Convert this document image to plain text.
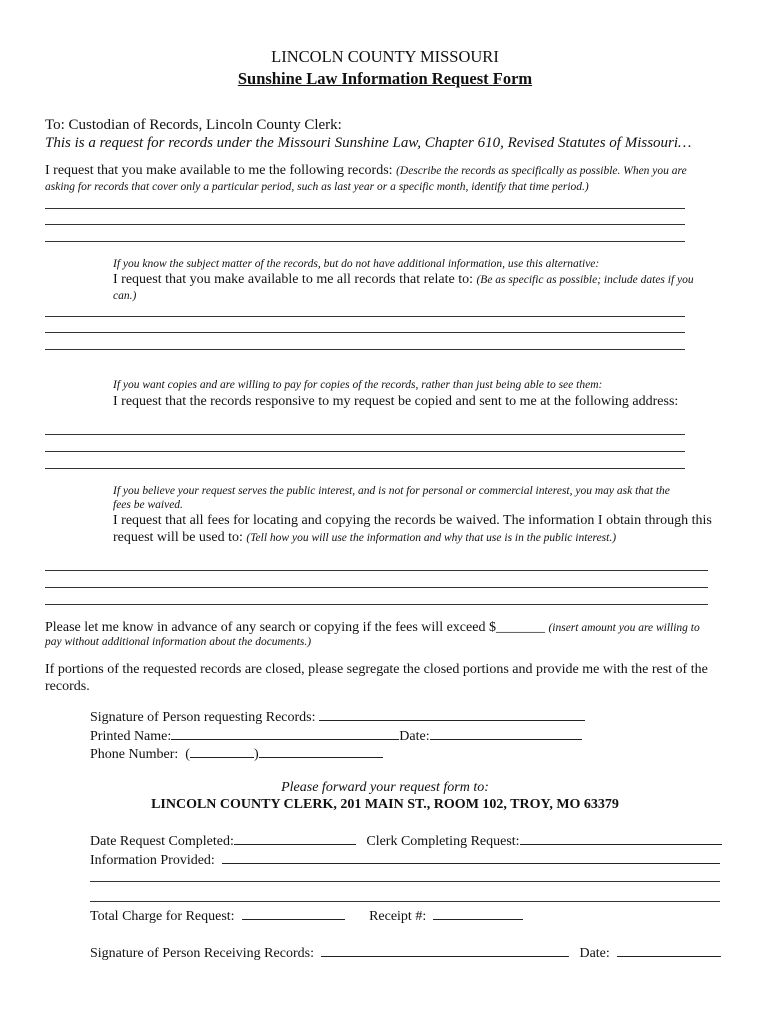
LINCOLN COUNTY MISSOURI
Sunshine Law Information Request Form
To: Custodian of Records, Lincoln County Clerk:
This is a request for records under the Missouri Sunshine Law, Chapter 610, Revised Statutes of Missouri…
I request that you make available to me the following records: (Describe the records as specifically as possible. When you are
asking for records that cover only a particular period, such as last year or a specific month, identify that time period.)
If you know the subject matter of the records, but do not have additional information, use this alternative:
I request that you make available to me all records that relate to: (Be as specific as possible; include dates if you
can.)
If you want copies and are willing to pay for copies of the records, rather than just being able to see them:
I request that the records responsive to my request be copied and sent to me at the following address:
If you believe your request serves the public interest, and is not for personal or commercial interest, you may ask that the
fees be waived.
I request that all fees for locating and copying the records be waived. The information I obtain through this
request will be used to: (Tell how you will use the information and why that use is in the public interest.)
Please let me know in advance of any search or copying if the fees will exceed $_______ (insert amount you are willing to
pay without additional information about the documents.)
If portions of the requested records are closed, please segregate the closed portions and provide me with the rest of the
records.
Signature of Person requesting Records:
Printed Name:	Date:
Phone Number: (	)
Please forward your request form to:
LINCOLN COUNTY CLERK, 201 MAIN ST., ROOM 102, TROY, MO 63379
Date Request Completed:	Clerk Completing Request:
Information Provided:
Total Charge for Request:	Receipt #:
Signature of Person Receiving Records:	Date:
